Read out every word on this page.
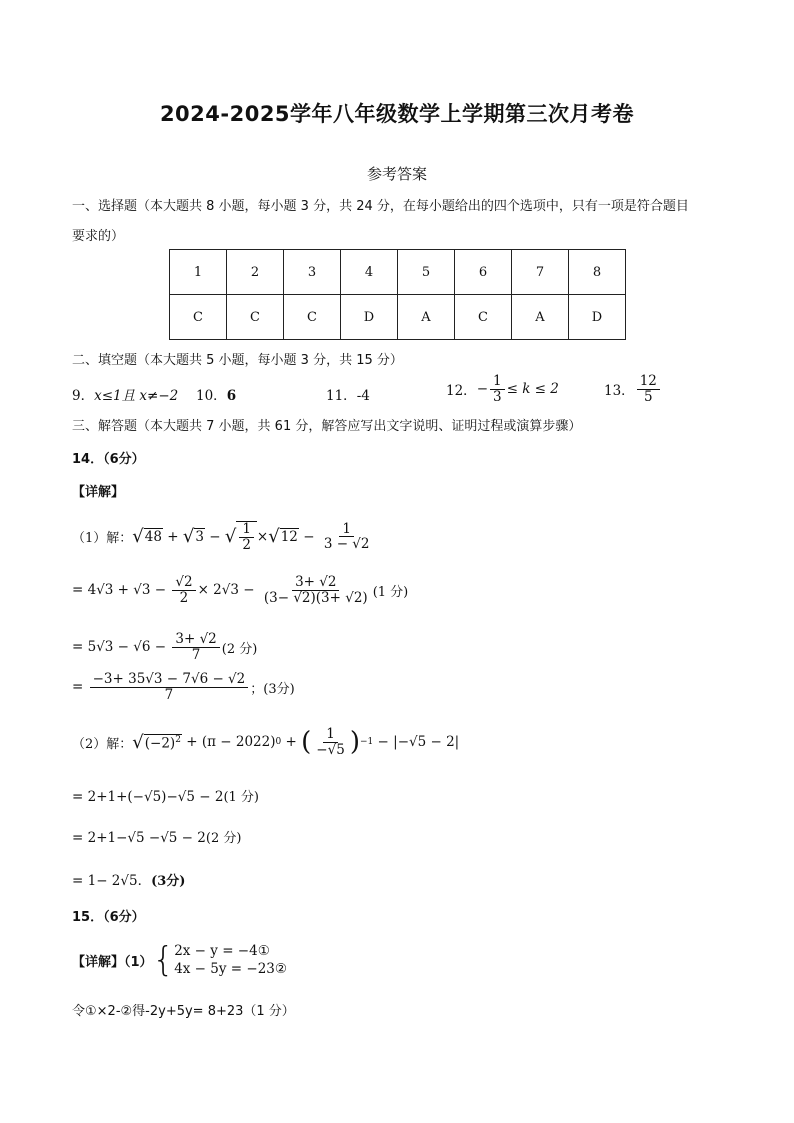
2024-2025学年八年级数学上学期第三次月考卷
参考答案
一、选择题（本大题共 8 小题，每小题 3 分，共 24 分，在每小题给出的四个选项中，只有一项是符合题目
要求的）
1	2	3	4	5	6	7	8
C	C	C	D	A	C	A	D
二、填空题（本大题共 5 小题，每小题 3 分，共 15 分）
9．x≤1且 x≠−2 10．6	11．-4	12． − $\frac{1}{3} \le k \le 2$	13． $\frac{12}{5}$
三、解答题（本大题共 7 小题，共 61 分，解答应写出文字说明、证明过程或演算步骤）
14．（6分）
【详解】
（1）解： √ 48 + √ 3 − √ $\frac{1}{2}$ × √ $12 - \frac{1}{3 - √2}$
= $4√3 + √3 - \frac{√2}{2} \times 2√3 - \frac{3+ √2}{(3- √2)(3+ √2)} (1$ 分)
= $5√3 - √6 - \frac{3+ √2}{7} (2$ 分)
= $\frac{-3+ 35√3 - 7√6 - √2}{7}$ ；(3分)
（2）解： √ $(-2)^2 + (\pi - 2022) 0$ + ( $\frac{1}{-√5}$ ) −1 − |−√5 − 2|
= 2+1+(−√5)−√5 − 2(1 分)
= 2+1−√5 −√5 − 2(2 分)
= 1− 2√5．(3分)
15．（6分）
【详解】（1） { 2x − y = −4①
4x − 5y = −23②
令①×2-②得-2y+5y= 8+23（1 分）
